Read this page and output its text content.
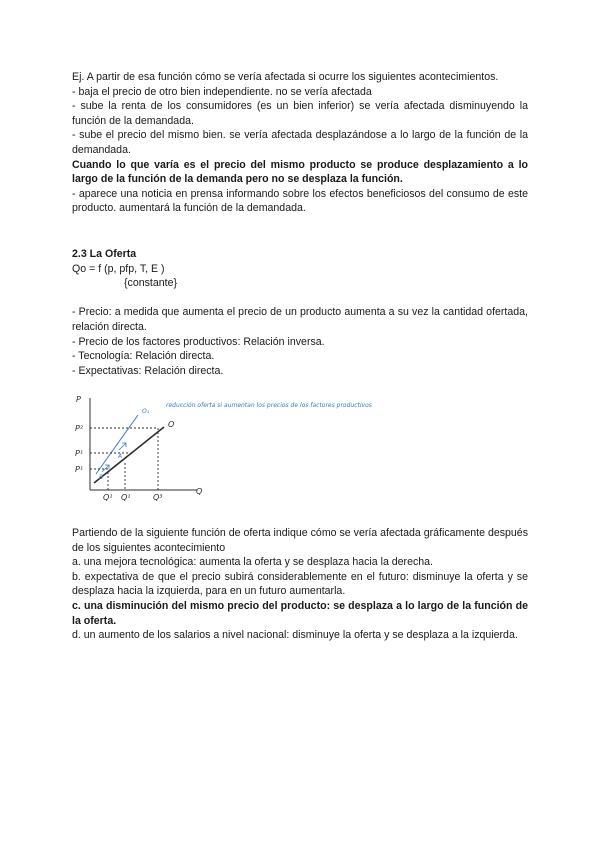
Ej. A partir de esa función cómo se vería afectada si ocurre los siguientes acontecimientos.

- baja el precio de otro bien independiente. no se vería afectada

- sube la renta de los consumidores (es un bien inferior) se vería afectada disminuyendo la función de la demandada.

- sube el precio del mismo bien. se vería afectada desplazándose a lo largo de la función de la demandada.

Cuando lo que varía es el precio del mismo producto se produce desplazamiento a lo largo de la función de la demanda pero no se desplaza la función.

- aparece una noticia en prensa informando sobre los efectos beneficiosos del consumo de este producto. aumentará la función de la demandada.

2.3 La Oferta

Qo = f (p, pfp, T, E )

{constante}

- Precio: a medida que aumenta el precio de un producto aumenta a su vez la cantidad ofertada, relación directa.

- Precio de los factores productivos: Relación inversa.

- Tecnología: Relación directa.

- Expectativas: Relación directa.

P
Q
O
O₁
A
B
P²
P¹
P¹
Q¹ Q¹	Q³
reducción oferta si aumentan los precios de los factores productivos

Partiendo de la siguiente función de oferta indique cómo se vería afectada gráficamente después de los siguientes acontecimiento

a. una mejora tecnológica: aumenta la oferta y se desplaza hacia la derecha.

b. expectativa de que el precio subirá considerablemente en el futuro: disminuye la oferta y se desplaza hacia la izquierda, para en un futuro aumentarla.

c. una disminución del mismo precio del producto: se desplaza a lo largo de la función de la oferta.

d. un aumento de los salarios a nivel nacional: disminuye la oferta y se desplaza a la izquierda.
